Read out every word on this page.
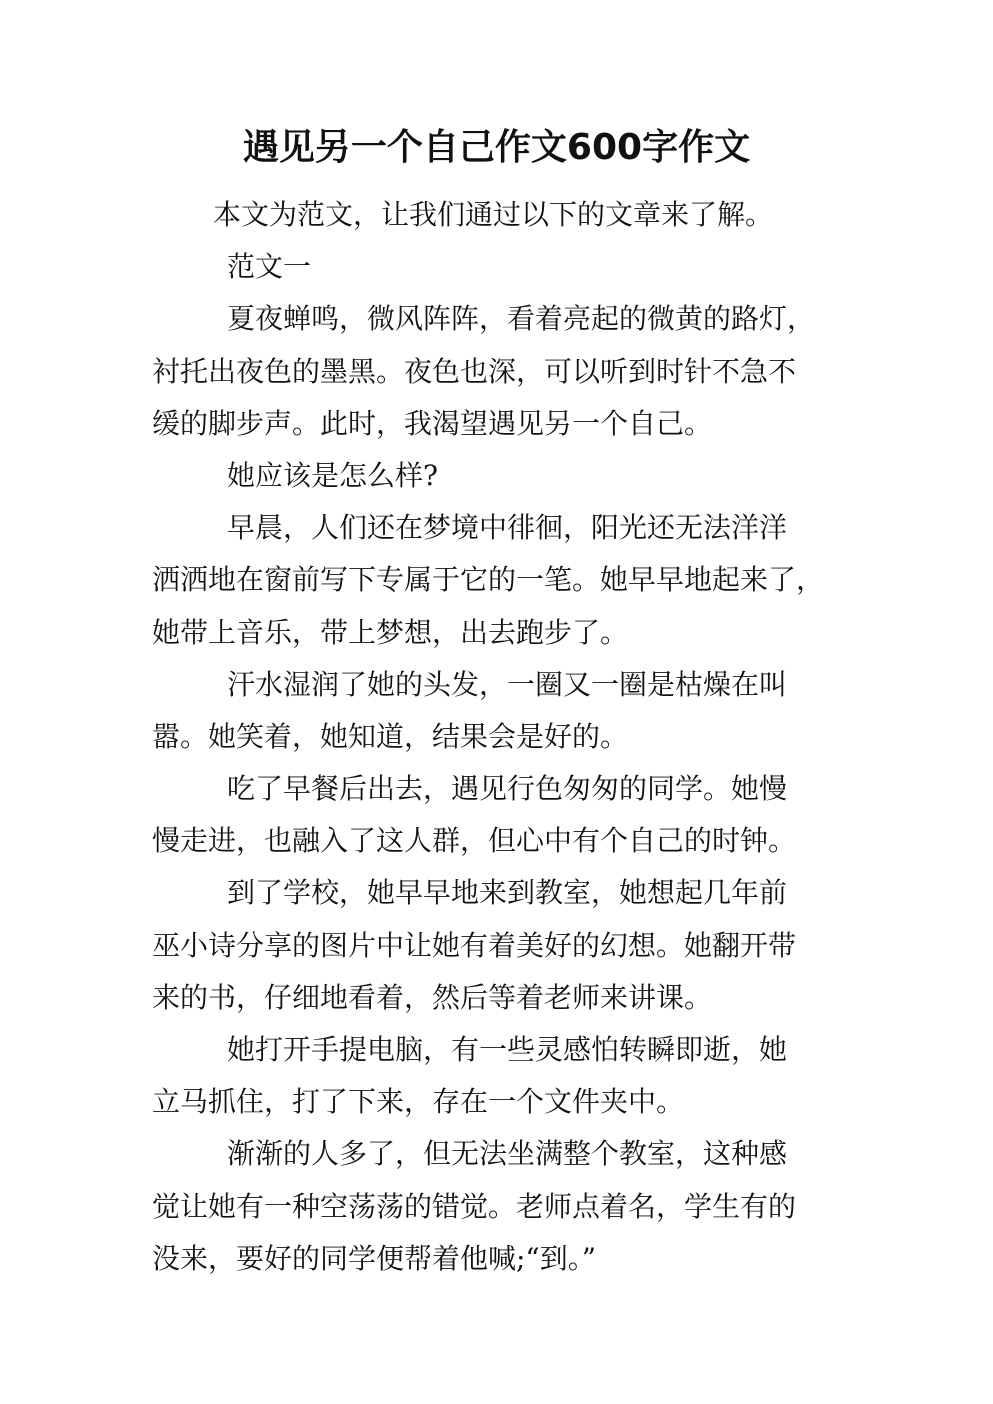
遇见另一个自己作文600字作文
本文为范文，让我们通过以下的文章来了解。
范文一
夏夜蝉鸣，微风阵阵，看着亮起的微黄的路灯，
衬托出夜色的墨黑。夜色也深，可以听到时针不急不
缓的脚步声。此时，我渴望遇见另一个自己。
她应该是怎么样?
早晨，人们还在梦境中徘徊，阳光还无法洋洋
洒洒地在窗前写下专属于它的一笔。她早早地起来了，
她带上音乐，带上梦想，出去跑步了。
汗水湿润了她的头发，一圈又一圈是枯燥在叫
嚣。她笑着，她知道，结果会是好的。
吃了早餐后出去，遇见行色匆匆的同学。她慢
慢走进，也融入了这人群，但心中有个自己的时钟。
到了学校，她早早地来到教室，她想起几年前
巫小诗分享的图片中让她有着美好的幻想。她翻开带
来的书，仔细地看着，然后等着老师来讲课。
她打开手提电脑，有一些灵感怕转瞬即逝，她
立马抓住，打了下来，存在一个文件夹中。
渐渐的人多了，但无法坐满整个教室，这种感
觉让她有一种空荡荡的错觉。老师点着名，学生有的
没来，要好的同学便帮着他喊;“到。”
